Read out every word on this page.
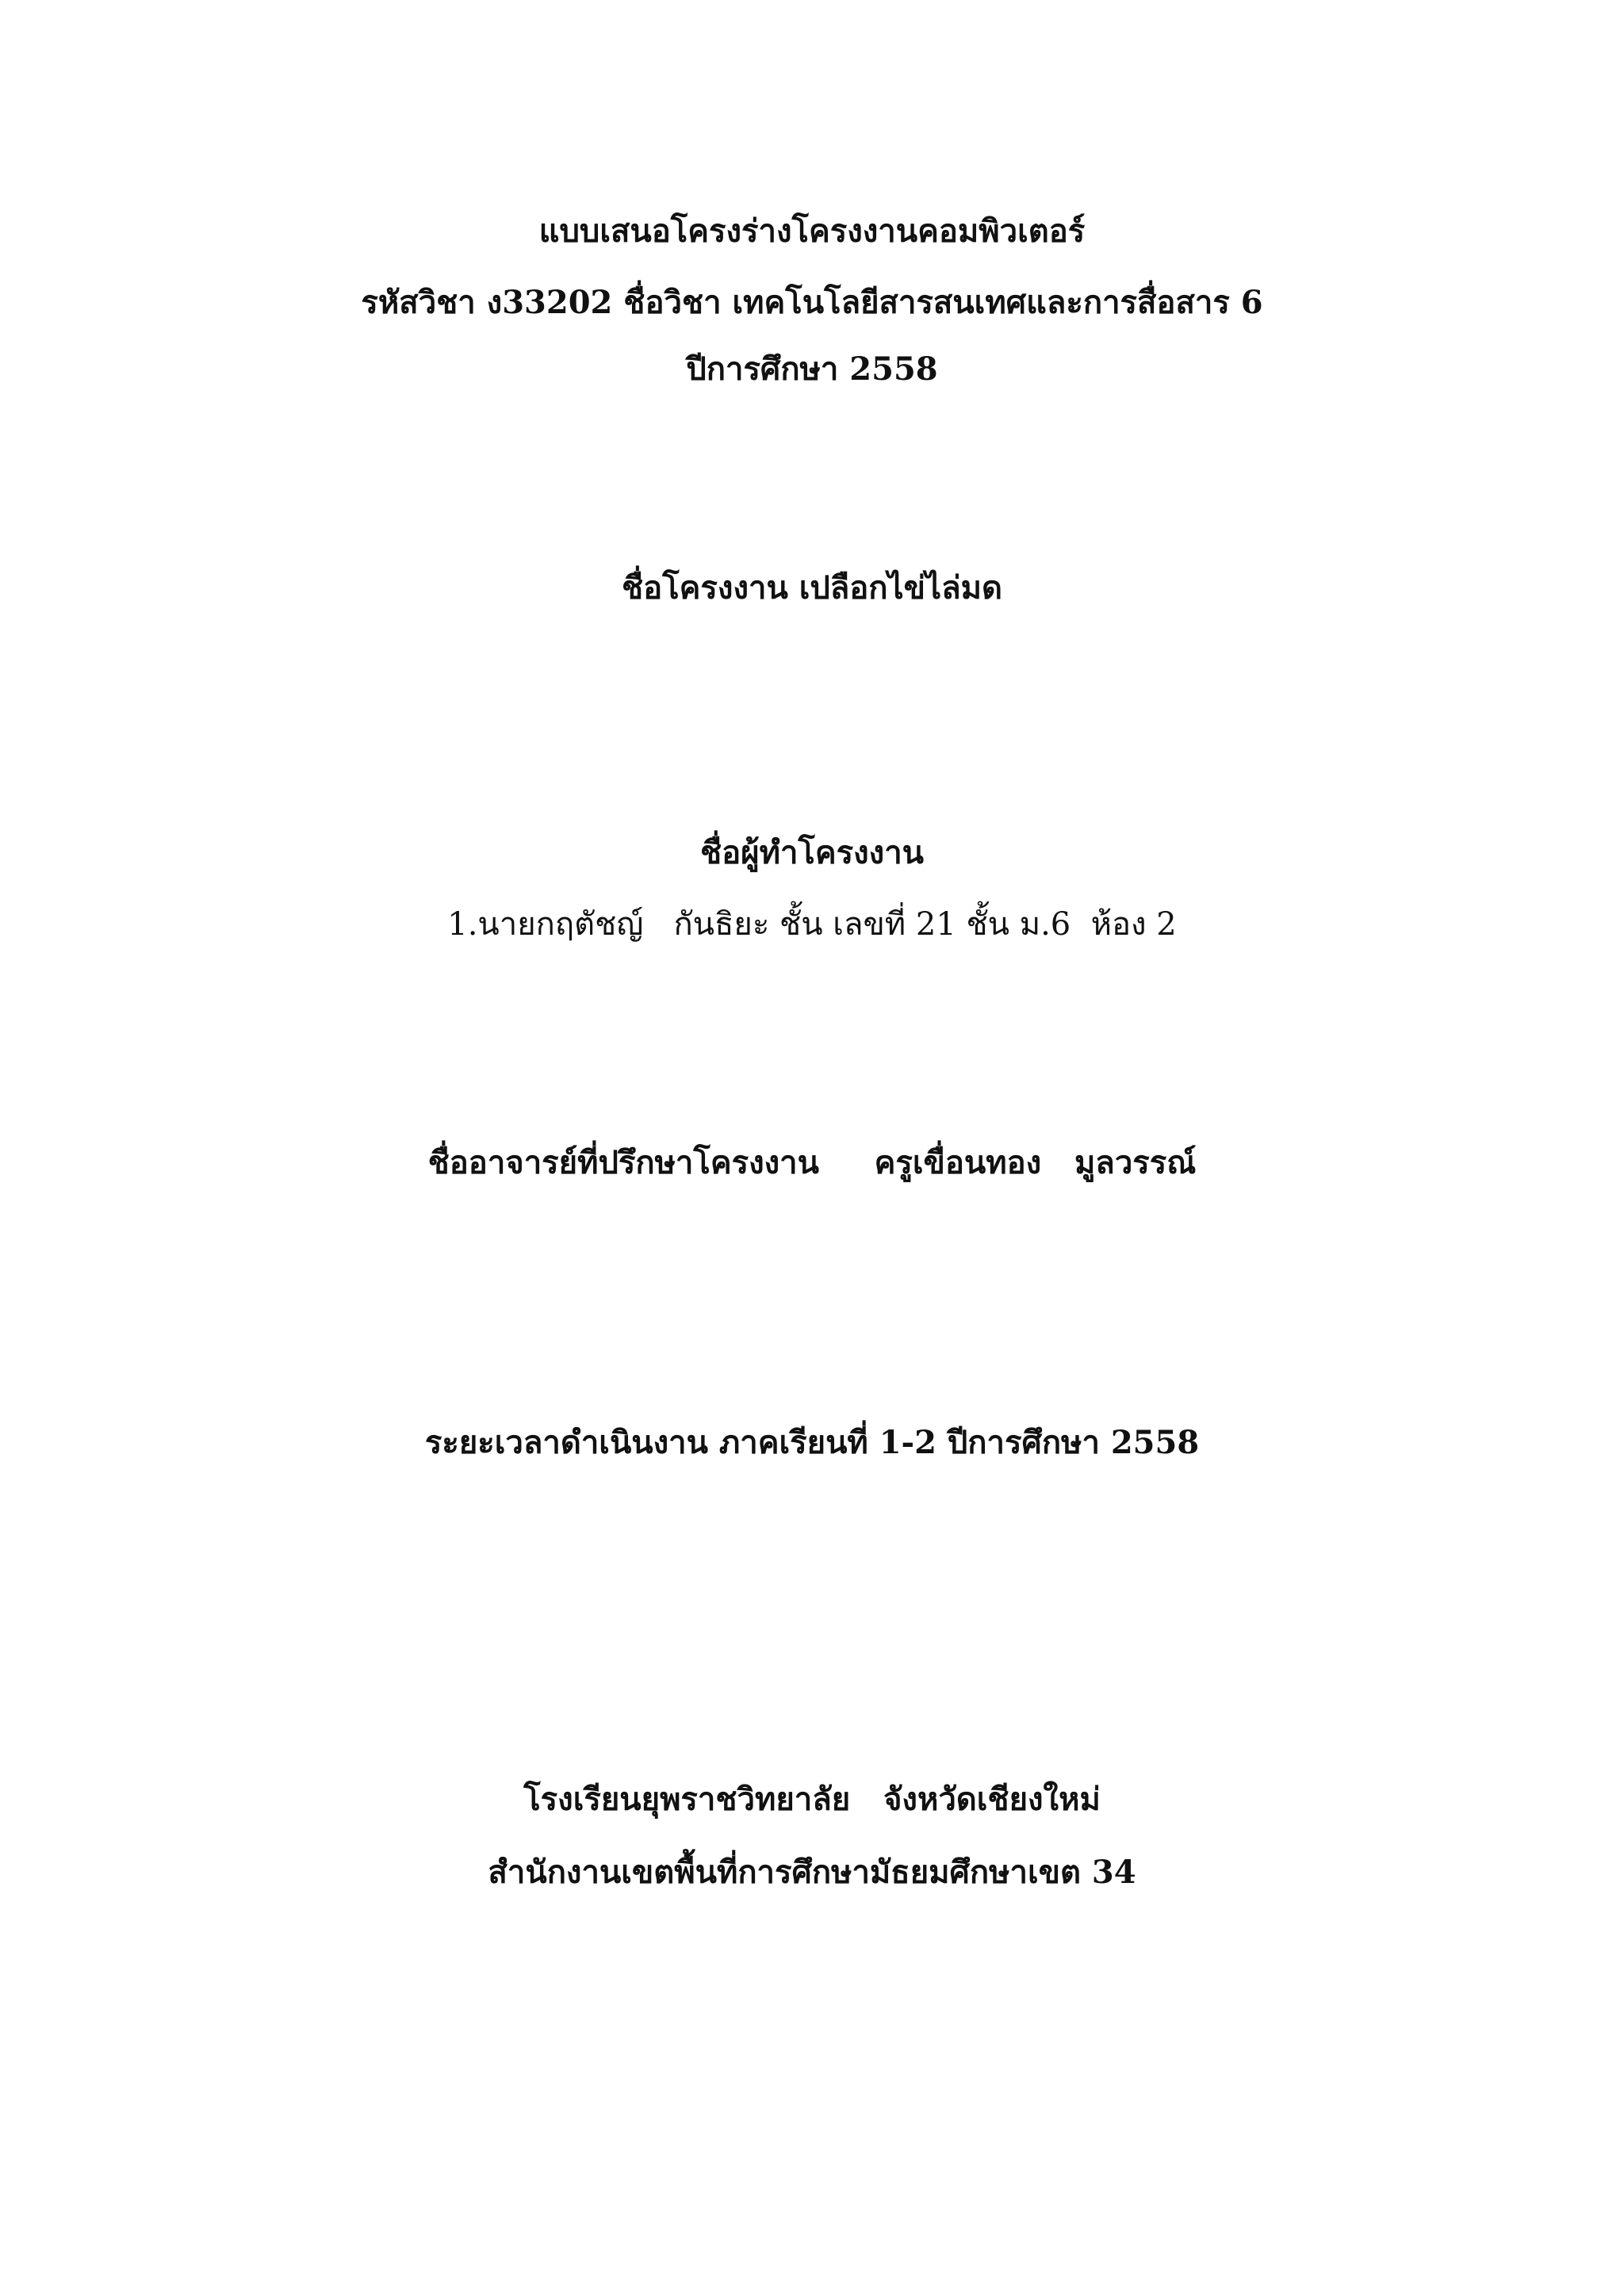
แบบเสนอโครงร่างโครงงานคอมพิวเตอร์
รหัสวิชา ง33202 ชื่อวิชา เทคโนโลยีสารสนเทศและการสื่อสาร 6
ปีการศึกษา 2558
ชื่อโครงงาน เปลือกไข่ไล่มด
ชื่อผู้ทำโครงงาน
1.นายกฤตัชญ์   กันธิยะ ชั้น เลขที่ 21 ชั้น ม.6  ห้อง 2
ชื่ออาจารย์ที่ปรึกษาโครงงาน     ครูเขื่อนทอง   มูลวรรณ์
ระยะเวลาดำเนินงาน ภาคเรียนที่ 1-2 ปีการศึกษา 2558
โรงเรียนยุพราชวิทยาลัย   จังหวัดเชียงใหม่
สำนักงานเขตพื้นที่การศึกษามัธยมศึกษาเขต 34
